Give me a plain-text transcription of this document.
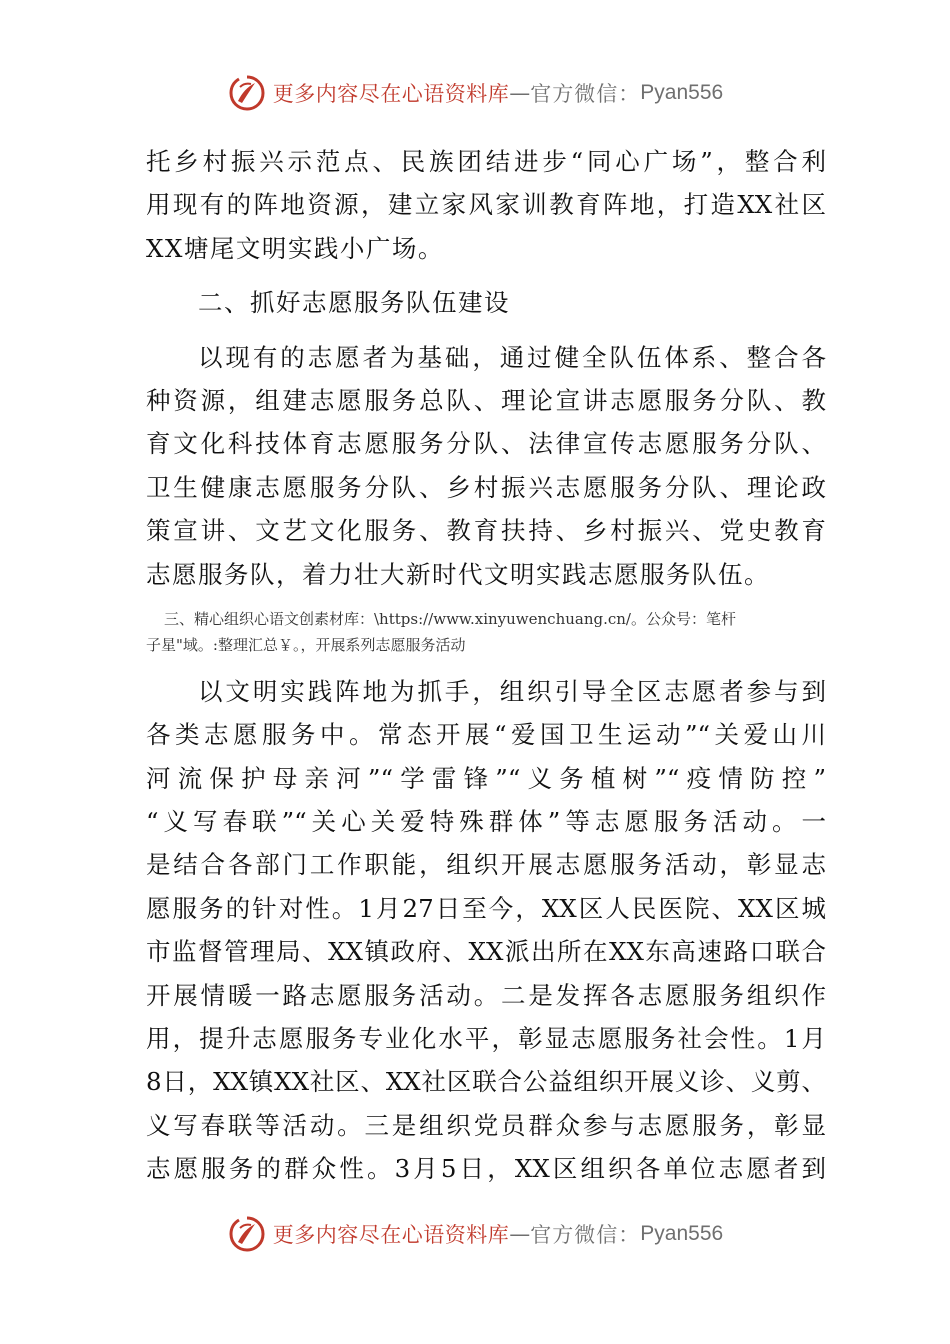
更多内容尽在心语资料库 — 官方微信： Pyan556
托乡村振兴示范点、民族团结进步“同心广场”，整合利
用现有的阵地资源，建立家风家训教育阵地，打造XX社区
XX塘尾文明实践小广场。
二、抓好志愿服务队伍建设
以现有的志愿者为基础，通过健全队伍体系、整合各
种资源，组建志愿服务总队、理论宣讲志愿服务分队、教
育文化科技体育志愿服务分队、法律宣传志愿服务分队、
卫生健康志愿服务分队、乡村振兴志愿服务分队、理论政
策宣讲、文艺文化服务、教育扶持、乡村振兴、党史教育
志愿服务队，着力壮大新时代文明实践志愿服务队伍。
三、精心组织心语文创素材库：\https://www.xinyuwenchuang.cn/。公众号：笔杆
子星"域。:整理汇总￥。，开展系列志愿服务活动
以文明实践阵地为抓手，组织引导全区志愿者参与到
各类志愿服务中。常态开展“爱国卫生运动”“关爱山川
河流保护母亲河”“学雷锋”“义务植树”“疫情防控”
“义写春联”“关心关爱特殊群体”等志愿服务活动。一
是结合各部门工作职能，组织开展志愿服务活动，彰显志
愿服务的针对性。1月27日至今，XX区人民医院、XX区城
市监督管理局、XX镇政府、XX派出所在XX东高速路口联合
开展情暖一路志愿服务活动。二是发挥各志愿服务组织作
用，提升志愿服务专业化水平，彰显志愿服务社会性。1月
8日，XX镇XX社区、XX社区联合公益组织开展义诊、义剪、
义写春联等活动。三是组织党员群众参与志愿服务，彰显
志愿服务的群众性。3月5日，XX区组织各单位志愿者到
更多内容尽在心语资料库 — 官方微信： Pyan556
